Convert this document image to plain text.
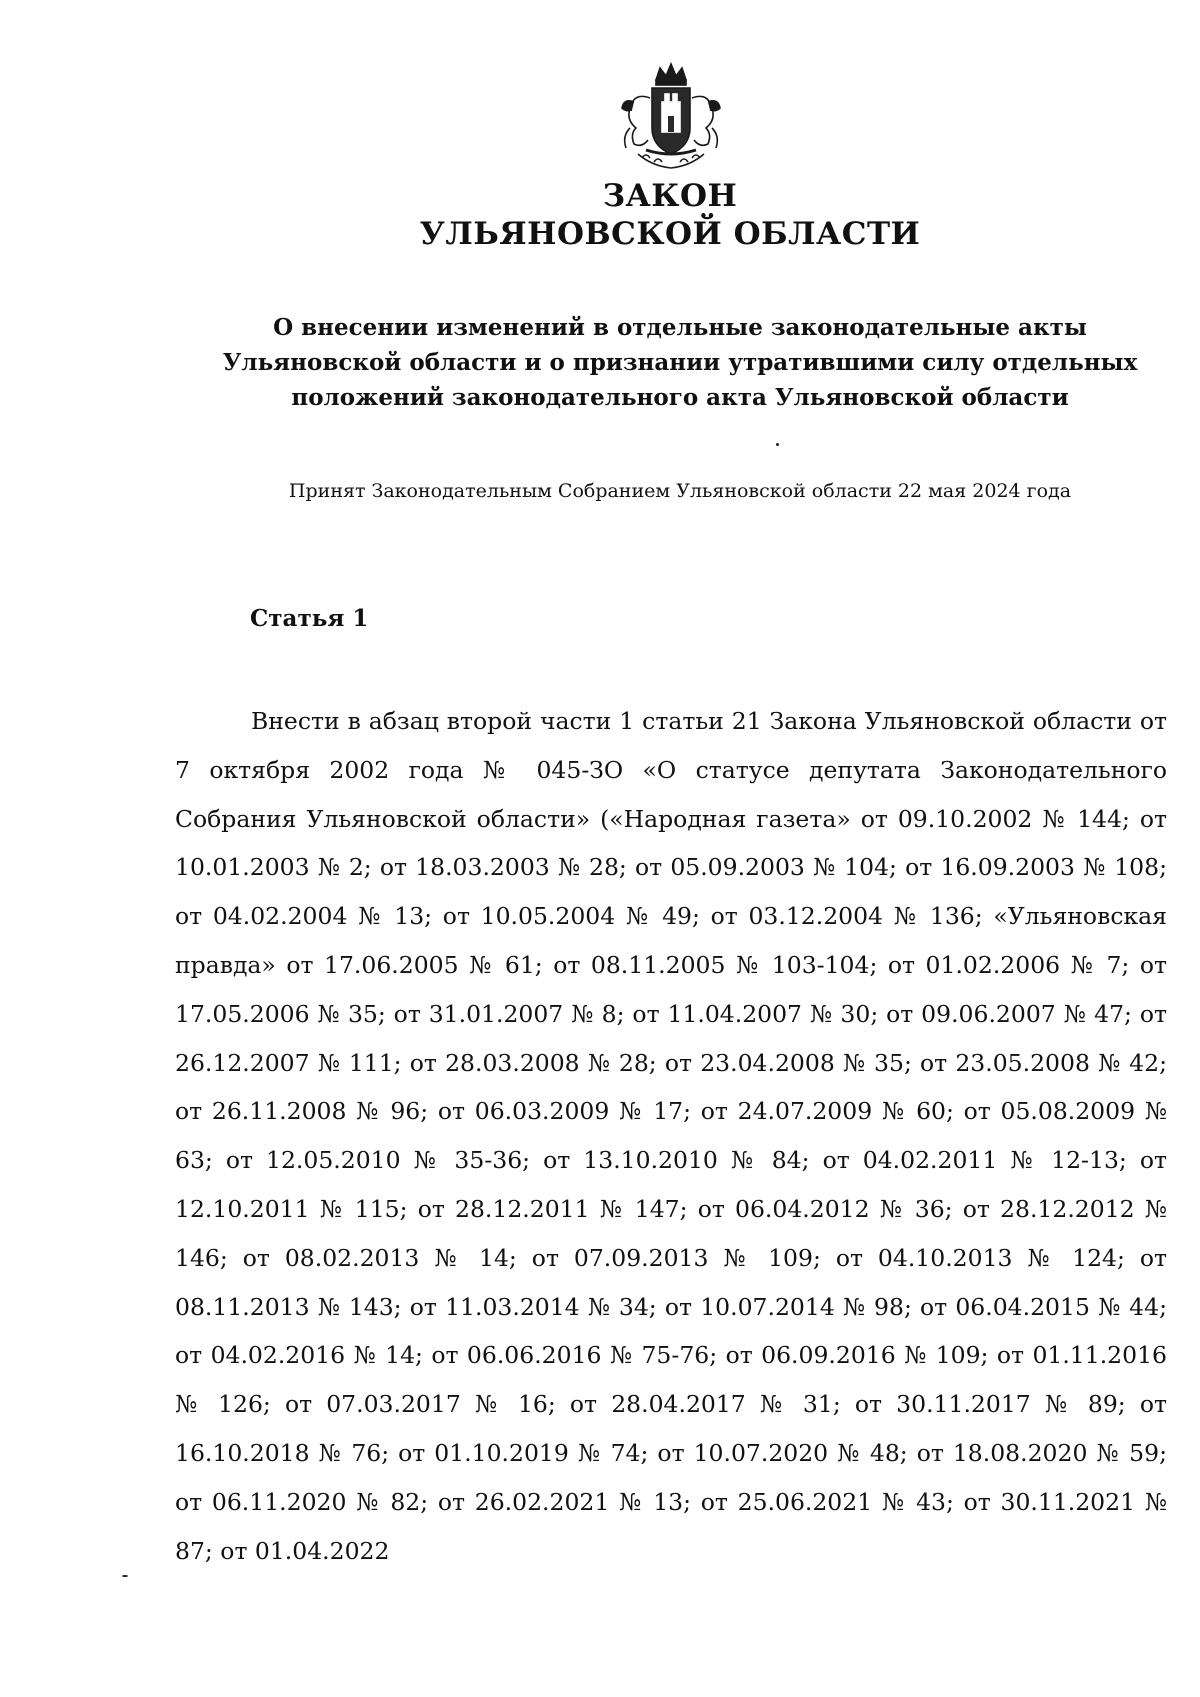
ЗАКОН
УЛЬЯНОВСКОЙ ОБЛАСТИ
О внесении изменений в отдельные законодательные акты Ульяновской области и о признании утратившими силу отдельных положений законодательного акта Ульяновской области
Принят Законодательным Собранием Ульяновской области 22 мая 2024 года
Статья 1
Внести в абзац второй части 1 статьи 21 Закона Ульяновской области от 7 октября 2002 года № 045-ЗО «О статусе депутата Законодательного Собрания Ульяновской области» («Народная газета» от 09.10.2002 № 144; от 10.01.2003 № 2; от 18.03.2003 № 28; от 05.09.2003 № 104; от 16.09.2003 № 108; от 04.02.2004 № 13; от 10.05.2004 № 49; от 03.12.2004 № 136; «Ульяновская правда» от 17.06.2005 № 61; от 08.11.2005 № 103-104; от 01.02.2006 № 7; от 17.05.2006 № 35; от 31.01.2007 № 8; от 11.04.2007 № 30; от 09.06.2007 № 47; от 26.12.2007 № 111; от 28.03.2008 № 28; от 23.04.2008 № 35; от 23.05.2008 № 42; от 26.11.2008 № 96; от 06.03.2009 № 17; от 24.07.2009 № 60; от 05.08.2009 № 63; от 12.05.2010 № 35-36; от 13.10.2010 № 84; от 04.02.2011 № 12-13; от 12.10.2011 № 115; от 28.12.2011 № 147; от 06.04.2012 № 36; от 28.12.2012 № 146; от 08.02.2013 № 14; от 07.09.2013 № 109; от 04.10.2013 № 124; от 08.11.2013 № 143; от 11.03.2014 № 34; от 10.07.2014 № 98; от 06.04.2015 № 44; от 04.02.2016 № 14; от 06.06.2016 № 75-76; от 06.09.2016 № 109; от 01.11.2016 № 126; от 07.03.2017 № 16; от 28.04.2017 № 31; от 30.11.2017 № 89; от 16.10.2018 № 76; от 01.10.2019 № 74; от 10.07.2020 № 48; от 18.08.2020 № 59; от 06.11.2020 № 82; от 26.02.2021 № 13; от 25.06.2021 № 43; от 30.11.2021 № 87; от 01.04.2022
